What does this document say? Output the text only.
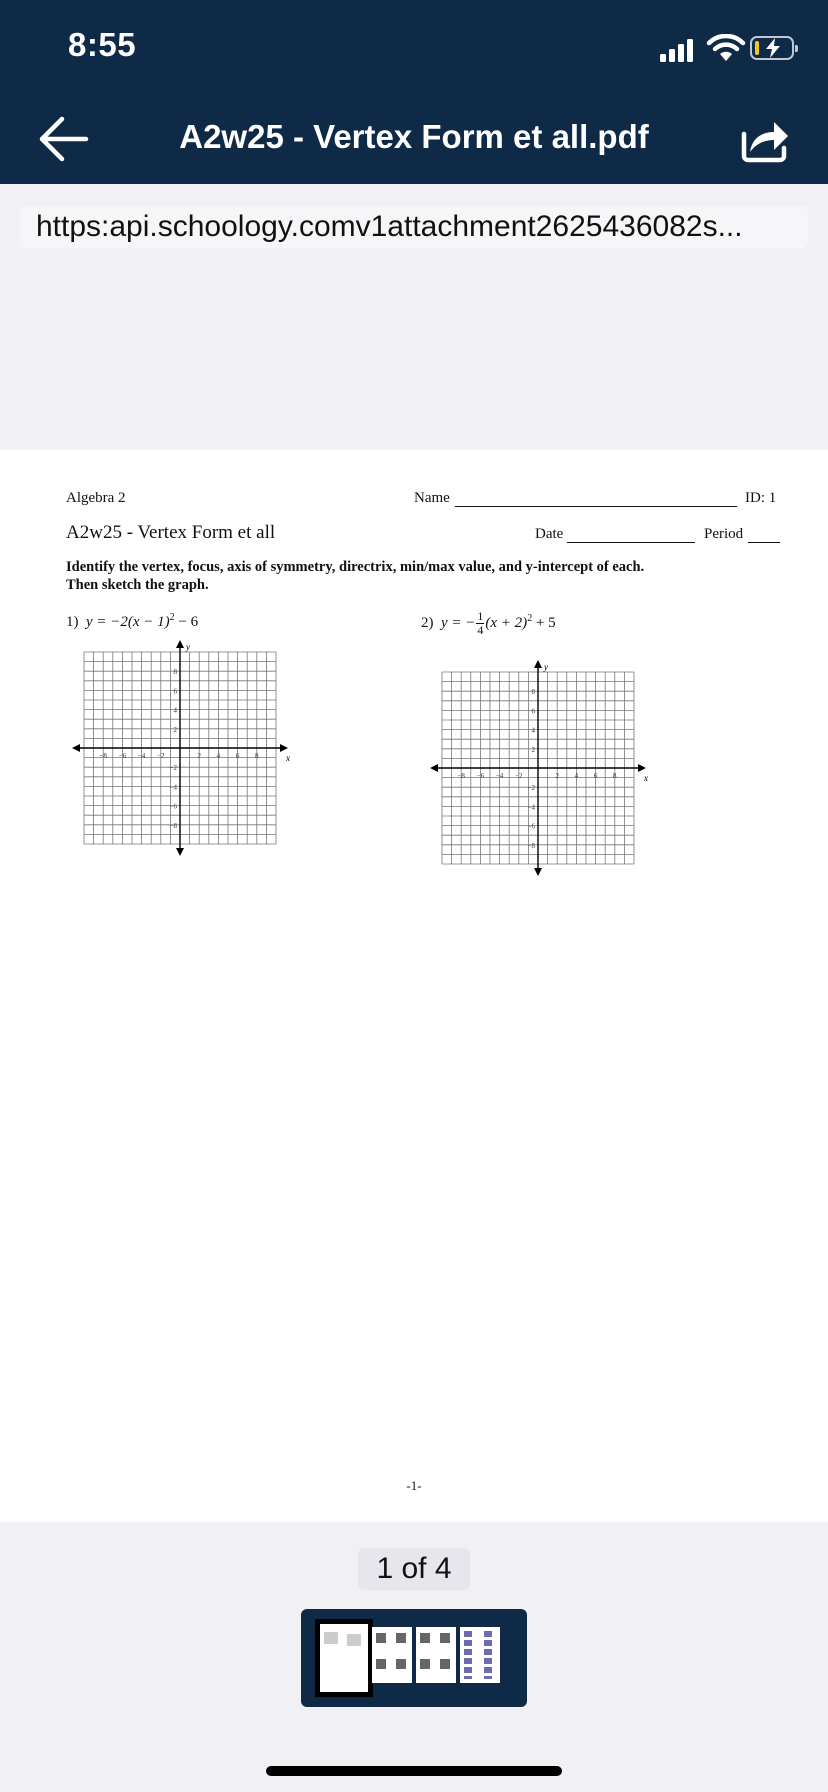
8:55
A2w25 - Vertex Form et all.pdf
https:api.schoology.comv1attachment2625436082s...
Algebra 2	Name	ID: 1
A2w25 - Vertex Form et all	Date	Period
Identify the vertex, focus, axis of symmetry, directrix, min/max value, and y-intercept of each.
Then sketch the graph.
1) $y = -2(x - 1)^2 - 6$	2) y = − $\frac{1}{4} (x + 2)^2 + 5$
x
y
−8 −6 −4 −2	2 4 6 8
8
6
4
2
−2
−4
−6
−8
x
y
−8 −6 −4 −2	2 4 6 8
8
6
4
2
−2
−4
−6
−8
-1-
1 of 4
